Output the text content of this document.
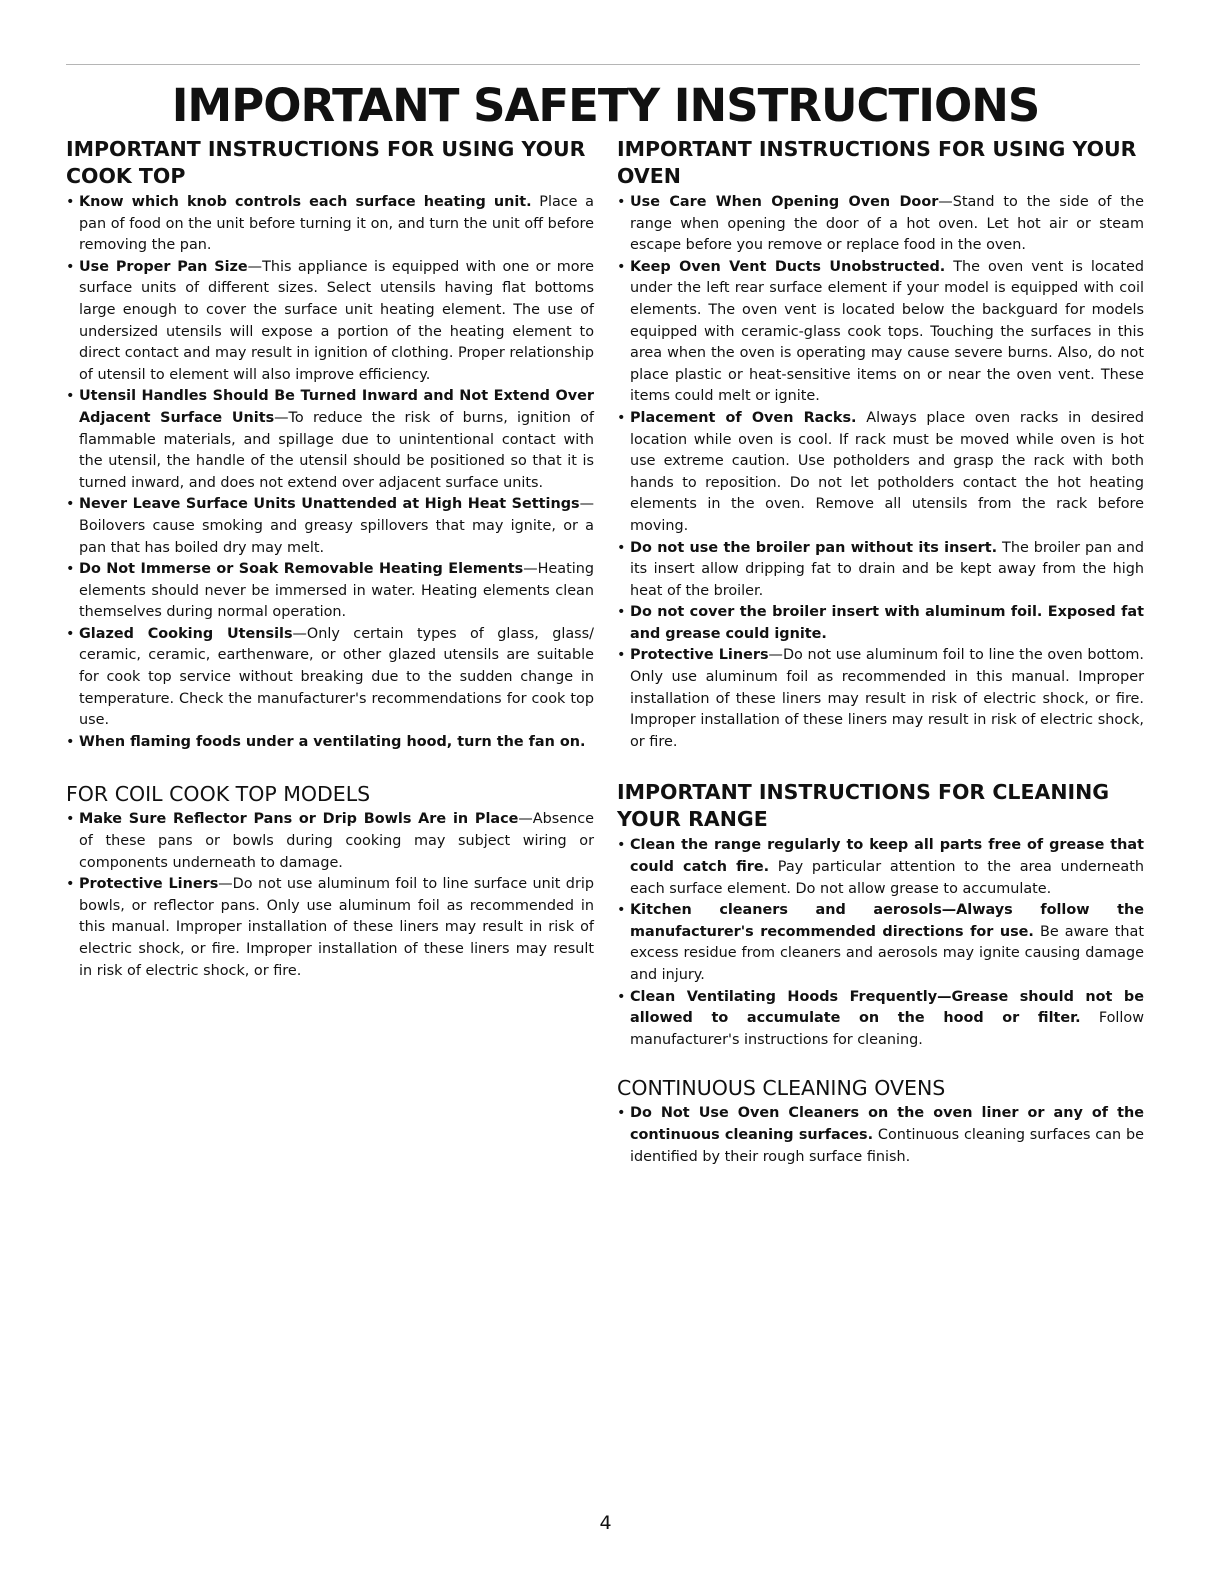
IMPORTANT SAFETY INSTRUCTIONS
IMPORTANT INSTRUCTIONS FOR USING YOUR COOK TOP
• Know which knob controls each surface heating unit. Place a pan of food on the unit before turning it on, and turn the unit off before removing the pan.
• Use Proper Pan Size—This appliance is equipped with one or more surface units of different sizes. Select utensils having flat bottoms large enough to cover the surface unit heating element. The use of undersized utensils will expose a portion of the heating element to direct contact and may result in ignition of clothing. Proper relationship of utensil to element will also improve efficiency.
• Utensil Handles Should Be Turned Inward and Not Extend Over Adjacent Surface Units—To reduce the risk of burns, ignition of flammable materials, and spillage due to unintentional contact with the utensil, the handle of the utensil should be positioned so that it is turned inward, and does not extend over adjacent surface units.
• Never Leave Surface Units Unattended at High Heat Settings—Boilovers cause smoking and greasy spillovers that may ignite, or a pan that has boiled dry may melt.
• Do Not Immerse or Soak Removable Heating Elements—Heating elements should never be immersed in water. Heating elements clean themselves during normal operation.
• Glazed Cooking Utensils—Only certain types of glass, glass/ ceramic, ceramic, earthenware, or other glazed utensils are suitable for cook top service without breaking due to the sudden change in temperature. Check the manufacturer's recommendations for cook top use.
• When flaming foods under a ventilating hood, turn the fan on.
FOR COIL COOK TOP MODELS
• Make Sure Reflector Pans or Drip Bowls Are in Place—Absence of these pans or bowls during cooking may subject wiring or components underneath to damage.
• Protective Liners—Do not use aluminum foil to line surface unit drip bowls, or reflector pans. Only use aluminum foil as recommended in this manual. Improper installation of these liners may result in risk of electric shock, or fire. Improper installation of these liners may result in risk of electric shock, or fire.
IMPORTANT INSTRUCTIONS FOR USING YOUR OVEN
• Use Care When Opening Oven Door—Stand to the side of the range when opening the door of a hot oven. Let hot air or steam escape before you remove or replace food in the oven.
• Keep Oven Vent Ducts Unobstructed. The oven vent is located under the left rear surface element if your model is equipped with coil elements. The oven vent is located below the backguard for models equipped with ceramic-glass cook tops. Touching the surfaces in this area when the oven is operating may cause severe burns. Also, do not place plastic or heat-sensitive items on or near the oven vent. These items could melt or ignite.
• Placement of Oven Racks. Always place oven racks in desired location while oven is cool. If rack must be moved while oven is hot use extreme caution. Use potholders and grasp the rack with both hands to reposition. Do not let potholders contact the hot heating elements in the oven. Remove all utensils from the rack before moving.
• Do not use the broiler pan without its insert. The broiler pan and its insert allow dripping fat to drain and be kept away from the high heat of the broiler.
• Do not cover the broiler insert with aluminum foil. Exposed fat and grease could ignite.
• Protective Liners—Do not use aluminum foil to line the oven bottom. Only use aluminum foil as recommended in this manual. Improper installation of these liners may result in risk of electric shock, or fire. Improper installation of these liners may result in risk of electric shock, or fire.
IMPORTANT INSTRUCTIONS FOR CLEANING YOUR RANGE
• Clean the range regularly to keep all parts free of grease that could catch fire. Pay particular attention to the area underneath each surface element. Do not allow grease to accumulate.
• Kitchen cleaners and aerosols—Always follow the manufacturer's recommended directions for use. Be aware that excess residue from cleaners and aerosols may ignite causing damage and injury.
• Clean Ventilating Hoods Frequently—Grease should not be allowed to accumulate on the hood or filter. Follow manufacturer's instructions for cleaning.
CONTINUOUS CLEANING OVENS
• Do Not Use Oven Cleaners on the oven liner or any of the continuous cleaning surfaces. Continuous cleaning surfaces can be identified by their rough surface finish.

4
